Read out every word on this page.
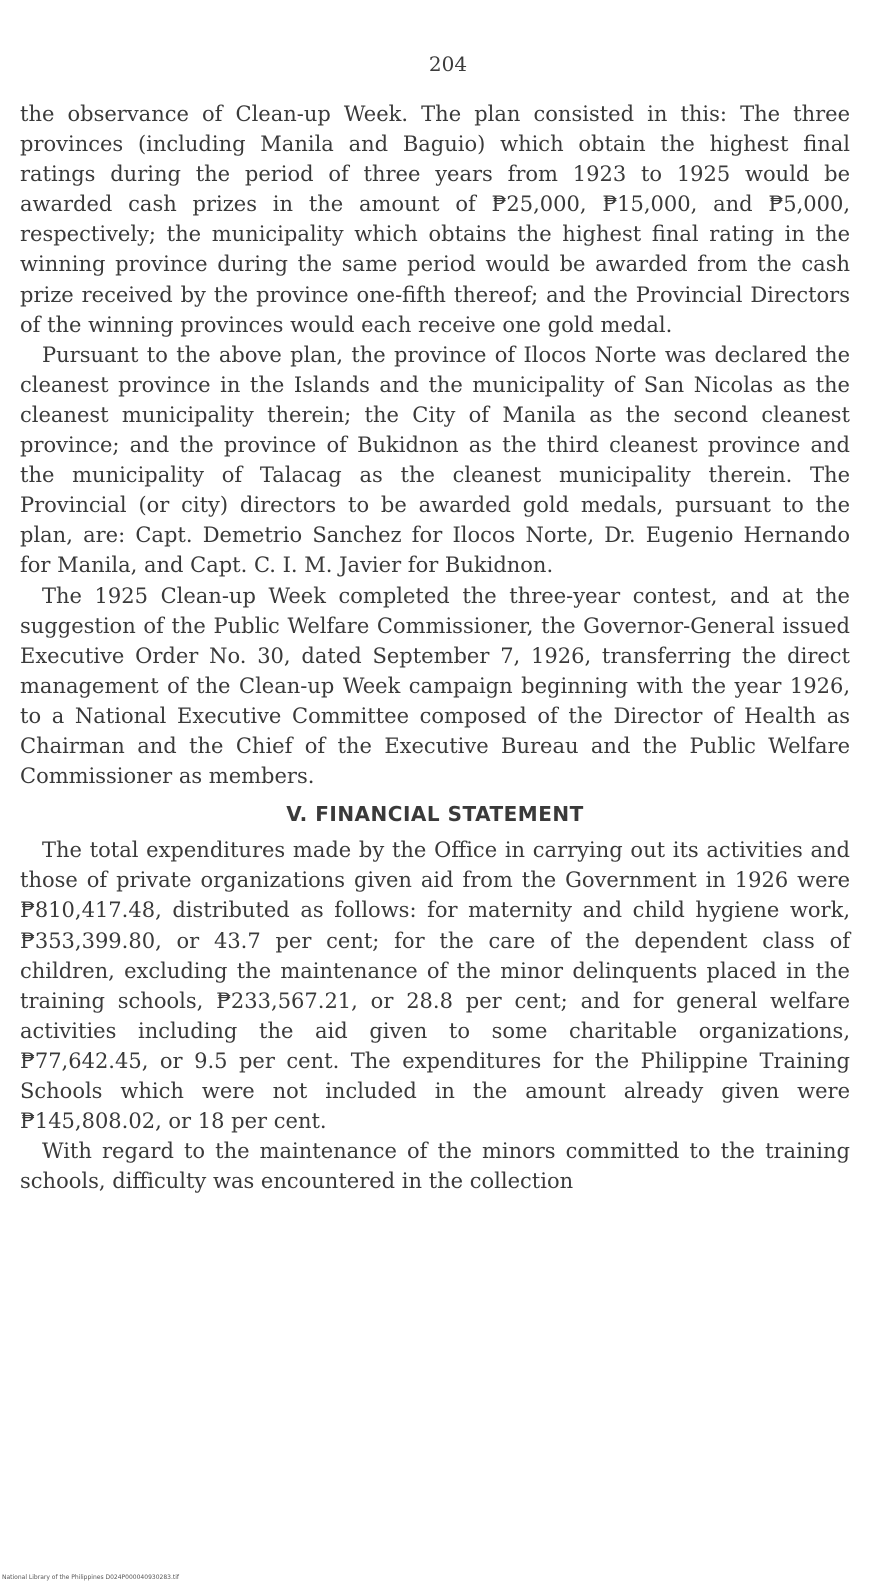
204

the observance of Clean-up Week. The plan consisted in this: The three provinces (including Manila and Baguio) which obtain the highest final ratings during the period of three years from 1923 to 1925 would be awarded cash prizes in the amount of ₱25,000, ₱15,000, and ₱5,000, respectively; the municipality which obtains the highest final rating in the winning province during the same period would be awarded from the cash prize received by the province one-fifth thereof; and the Provincial Directors of the winning provinces would each receive one gold medal.

Pursuant to the above plan, the province of Ilocos Norte was declared the cleanest province in the Islands and the municipality of San Nicolas as the cleanest municipality therein; the City of Manila as the second cleanest province; and the province of Bukidnon as the third cleanest province and the municipality of Talacag as the cleanest municipality therein. The Provincial (or city) directors to be awarded gold medals, pursuant to the plan, are: Capt. Demetrio Sanchez for Ilocos Norte, Dr. Eugenio Hernando for Manila, and Capt. C. I. M. Javier for Bukidnon.

The 1925 Clean-up Week completed the three-year contest, and at the suggestion of the Public Welfare Commissioner, the Governor-General issued Executive Order No. 30, dated September 7, 1926, transferring the direct management of the Clean-up Week campaign beginning with the year 1926, to a National Executive Committee composed of the Director of Health as Chairman and the Chief of the Executive Bureau and the Public Welfare Commissioner as members.

V. FINANCIAL STATEMENT

The total expenditures made by the Office in carrying out its activities and those of private organizations given aid from the Government in 1926 were ₱810,417.48, distributed as follows: for maternity and child hygiene work, ₱353,399.80, or 43.7 per cent; for the care of the dependent class of children, excluding the maintenance of the minor delinquents placed in the training schools, ₱233,567.21, or 28.8 per cent; and for general welfare activities including the aid given to some charitable organizations, ₱77,642.45, or 9.5 per cent. The expenditures for the Philippine Training Schools which were not included in the amount already given were ₱145,808.02, or 18 per cent.

With regard to the maintenance of the minors committed to the training schools, difficulty was encountered in the collection

National Library of the Philippines D024P000040930283.tif
